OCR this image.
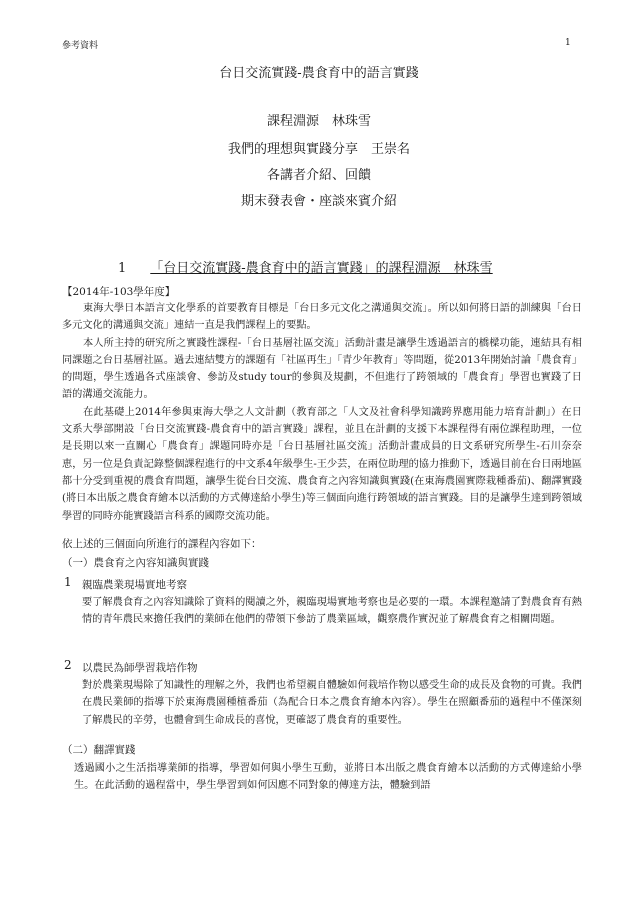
參考資料	1
台日交流實踐-農食育中的語言實踐
課程淵源　林珠雪
我們的理想與實踐分享　王崇名
各講者介紹、回饋
期末發表會・座談來賓介紹
1 「台日交流實踐-農食育中的語言實踐」的課程淵源　林珠雪
【2014年-103學年度】

東海大學日本語言文化學系的首要教育目標是「台日多元文化之溝通與交流」。所以如何將日語的訓練與「台日多元文化的溝通與交流」連結一直是我們課程上的要點。

本人所主持的研究所之實踐性課程-「台日基層社區交流」活動計畫是讓學生透過語言的橋樑功能，連結具有相同課題之台日基層社區。過去連結雙方的課題有「社區再生」「青少年教育」等問題，從2013年開始討論「農食育」的問題，學生透過各式座談會、參訪及study tour的參與及規劃，不但進行了跨領域的「農食育」學習也實踐了日語的溝通交流能力。

在此基礎上2014年參與東海大學之人文計劃（教育部之「人文及社會科學知識跨界應用能力培育計劃」）在日文系大學部開設「台日交流實踐-農食育中的語言實踐」課程，並且在計劃的支援下本課程得有兩位課程助理，一位是長期以來一直關心「農食育」課題同時亦是「台日基層社區交流」活動計畫成員的日文系研究所學生-石川奈奈恵，另一位是負責記錄整個課程進行的中文系4年級學生-王少芸，在兩位助理的協力推動下，透過目前在台日兩地區都十分受到重視的農食育問題，讓學生從台日交流、農食育之內容知識與實踐(在東海農園實際栽種番茄)、翻譯實踐(將日本出版之農食育繪本以活動的方式傳達給小學生)等三個面向進行跨領域的語言實踐。目的是讓學生達到跨領域學習的同時亦能實踐語言科系的國際交流功能。

依上述的三個面向所進行的課程內容如下：
（一）農食育之內容知識與實踐
1 親臨農業現場實地考察

要了解農食育之內容知識除了資料的閱讀之外，親臨現場實地考察也是必要的一環。本課程邀請了對農食育有熱情的青年農民來擔任我們的業師在他們的帶領下參訪了農業區域，觀察農作實況並了解農食育之相關問題。

2 以農民為師學習栽培作物

對於農業現場除了知識性的理解之外，我們也希望親自體驗如何栽培作物以感受生命的成長及食物的可貴。我們在農民業師的指導下於東海農園種植番茄（為配合日本之農食育繪本內容）。學生在照顧番茄的過程中不僅深刻了解農民的辛勞，也體會到生命成長的喜悅，更確認了農食育的重要性。

（二）翻譯實踐

透過國小之生活指導業師的指導，學習如何與小學生互動，並將日本出版之農食育繪本以活動的方式傳達給小學生。在此活動的過程當中，學生學習到如何因應不同對象的傳達方法，體驗到語
